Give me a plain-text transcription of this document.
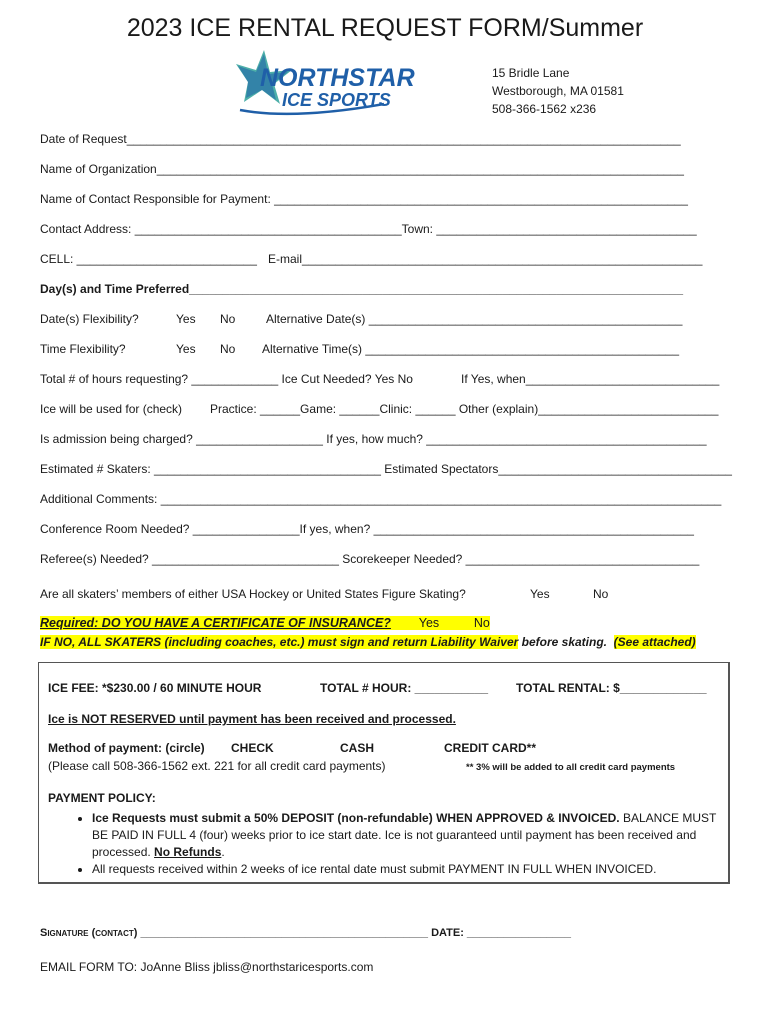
2023 ICE RENTAL REQUEST FORM/Summer
NORTHSTAR
ICE SPORTS
15 Bridle Lane
Westborough, MA 01581
508-366-1562 x236
Date of Request___________________________________________________________________________________
Name of Organization_______________________________________________________________________________
Name of Contact Responsible for Payment: ______________________________________________________________
Contact Address: ________________________________________Town: _______________________________________
CELL: ___________________________ E-mail____________________________________________________________
Day(s) and Time Preferred__________________________________________________________________________
Date(s) Flexibility?	Yes No	Alternative Date(s) _______________________________________________
Time Flexibility?	Yes No Alternative Time(s) _______________________________________________
Total # of hours requesting? _____________ Ice Cut Needed? Yes No	If Yes, when_____________________________
Ice will be used for (check) Practice: ______Game: ______Clinic: ______ Other (explain)___________________________
Is admission being charged? ___________________ If yes, how much? __________________________________________
Estimated # Skaters: __________________________________ Estimated Spectators___________________________________
Additional Comments: ____________________________________________________________________________________
Conference Room Needed? ________________If yes, when? ________________________________________________
Referee(s) Needed? ____________________________ Scorekeeper Needed? ___________________________________
Are all skaters’ members of either USA Hockey or United States Figure Skating?	Yes	No
Required: DO YOU HAVE A CERTIFICATE OF INSURANCE? Yes	No
IF NO, ALL SKATERS (including coaches, etc.) must sign and return Liability Waiver before skating. (See attached)
ICE FEE: *$230.00 / 60 MINUTE HOUR	TOTAL # HOUR: ___________ TOTAL RENTAL: $_____________
Ice is NOT RESERVED until payment has been received and processed.
Method of payment: (circle) CHECK	CASH	CREDIT CARD**
(Please call 508-366-1562 ext. 221 for all credit card payments)	** 3% will be added to all credit card payments
PAYMENT POLICY:
• Ice Requests must submit a 50% DEPOSIT (non-refundable) WHEN APPROVED & INVOICED. BALANCE MUST BE PAID IN FULL 4 (four) weeks prior to ice start date. Ice is not guaranteed until payment has been received and processed. No Refunds.
• All requests received within 2 weeks of ice rental date must submit PAYMENT IN FULL WHEN INVOICED.
Signature (contact) _______________________________________________ DATE: _________________
EMAIL FORM TO: JoAnne Bliss jbliss@northstaricesports.com
